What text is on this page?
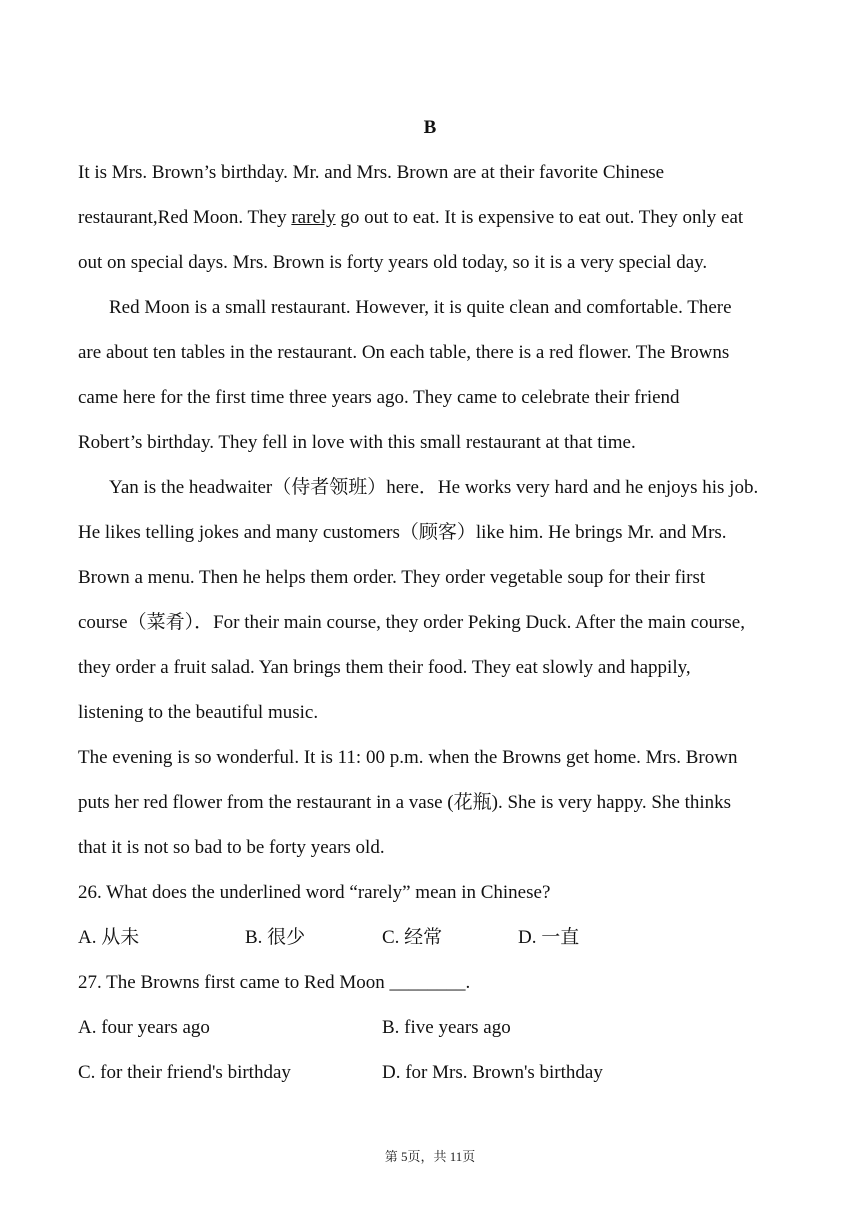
B
It is Mrs. Brown’s birthday. Mr. and Mrs. Brown are at their favorite Chinese
restaurant,Red Moon. They rarely go out to eat. It is expensive to eat out. They only eat
out on special days. Mrs. Brown is forty years old today, so it is a very special day.
Red Moon is a small restaurant. However, it is quite clean and comfortable. There
are about ten tables in the restaurant. On each table, there is a red flower. The Browns
came here for the first time three years ago. They came to celebrate their friend
Robert’s birthday. They fell in love with this small restaurant at that time.
Yan is the headwaiter（侍者领班）here．He works very hard and he enjoys his job.
He likes telling jokes and many customers（顾客）like him. He brings Mr. and Mrs.
Brown a menu. Then he helps them order. They order vegetable soup for their first
course（菜肴）．For their main course, they order Peking Duck. After the main course,
they order a fruit salad. Yan brings them their food. They eat slowly and happily,
listening to the beautiful music.
The evening is so wonderful. It is 11: 00 p.m. when the Browns get home. Mrs. Brown
puts her red flower from the restaurant in a vase (花瓶). She is very happy. She thinks
that it is not so bad to be forty years old.
26. What does the underlined word “rarely” mean in Chinese?
A. 从未	B. 很少	C. 经常	D. 一直
27. The Browns first came to Red Moon ________.
A. four years ago	B. five years ago
C. for their friend's birthday	D. for Mrs. Brown's birthday
第 5页，共 11页
